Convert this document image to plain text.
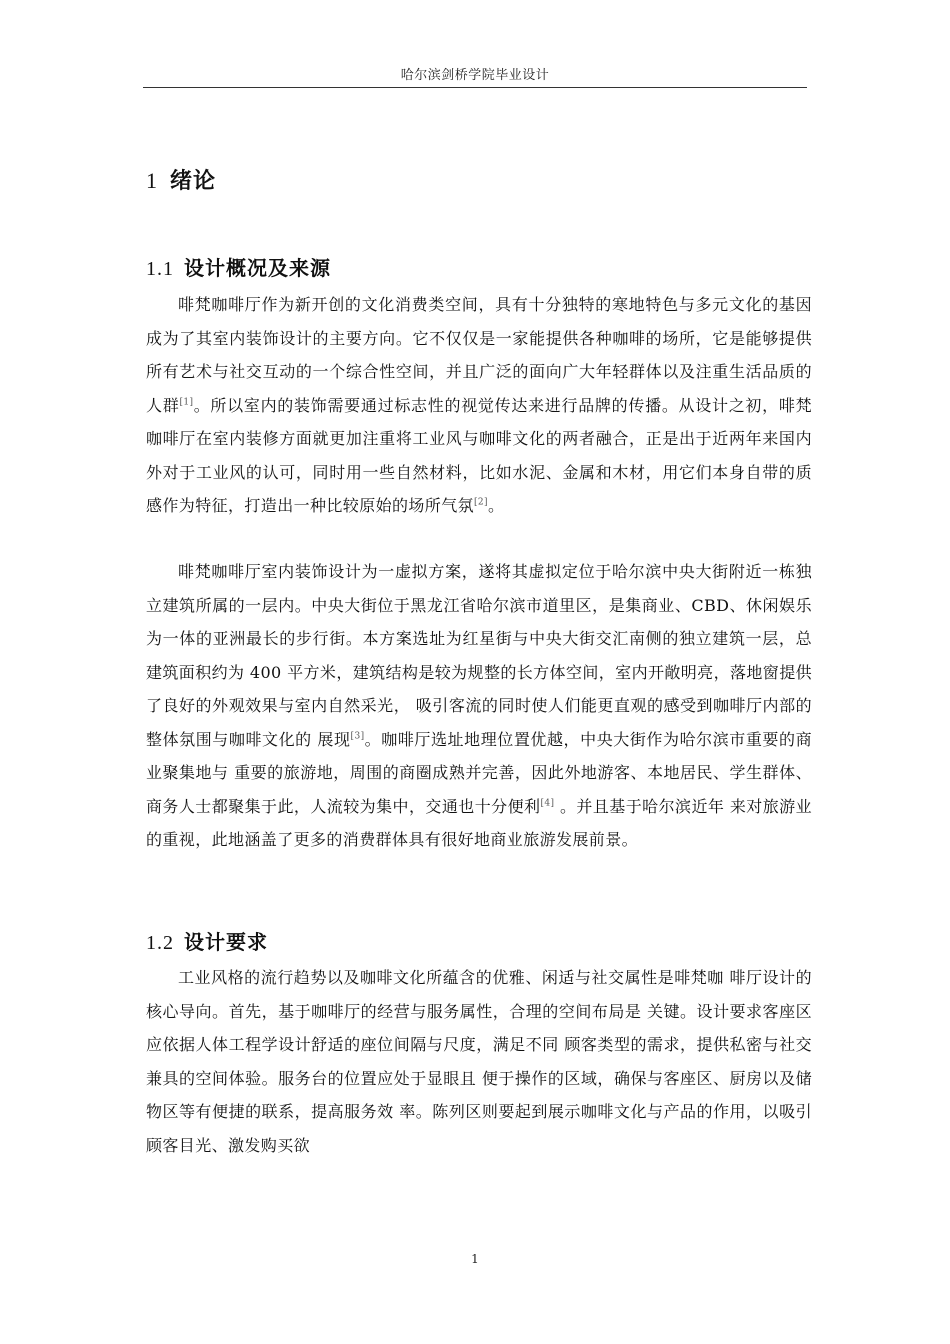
哈尔滨剑桥学院毕业设计
1 绪论
1.1 设计概况及来源

啡梵咖啡厅作为新开创的文化消费类空间，具有十分独特的寒地特色与多元文化的基因成为了其室内装饰设计的主要方向。它不仅仅是一家能提供各种咖啡的场所，它是能够提供所有艺术与社交互动的一个综合性空间，并且广泛的面向广大年轻群体以及注重生活品质的人群[1]。所以室内的装饰需要通过标志性的视觉传达来进行品牌的传播。从设计之初，啡梵咖啡厅在室内装修方面就更加注重将工业风与咖啡文化的两者融合，正是出于近两年来国内外对于工业风的认可，同时用一些自然材料，比如水泥、金属和木材，用它们本身自带的质感作为特征，打造出一种比较原始的场所气氛[2]。

啡梵咖啡厅室内装饰设计为一虚拟方案，遂将其虚拟定位于哈尔滨中央大街附近一栋独立建筑所属的一层内。中央大街位于黑龙江省哈尔滨市道里区，是集商业、CBD、休闲娱乐为一体的亚洲最长的步行街。本方案选址为红星街与中央大街交汇南侧的独立建筑一层，总建筑面积约为 400 平方米，建筑结构是较为规整的长方体空间，室内开敞明亮，落地窗提供了良好的外观效果与室内自然采光， 吸引客流的同时使人们能更直观的感受到咖啡厅内部的整体氛围与咖啡文化的 展现[3]。咖啡厅选址地理位置优越，中央大街作为哈尔滨市重要的商业聚集地与 重要的旅游地，周围的商圈成熟并完善，因此外地游客、本地居民、学生群体、 商务人士都聚集于此，人流较为集中，交通也十分便利[4] 。并且基于哈尔滨近年 来对旅游业的重视，此地涵盖了更多的消费群体具有很好地商业旅游发展前景。

1.2 设计要求

工业风格的流行趋势以及咖啡文化所蕴含的优雅、闲适与社交属性是啡梵咖 啡厅设计的核心导向。首先，基于咖啡厅的经营与服务属性，合理的空间布局是 关键。设计要求客座区应依据人体工程学设计舒适的座位间隔与尺度，满足不同 顾客类型的需求，提供私密与社交兼具的空间体验。服务台的位置应处于显眼且 便于操作的区域，确保与客座区、厨房以及储物区等有便捷的联系，提高服务效 率。陈列区则要起到展示咖啡文化与产品的作用，以吸引顾客目光、激发购买欲

1
